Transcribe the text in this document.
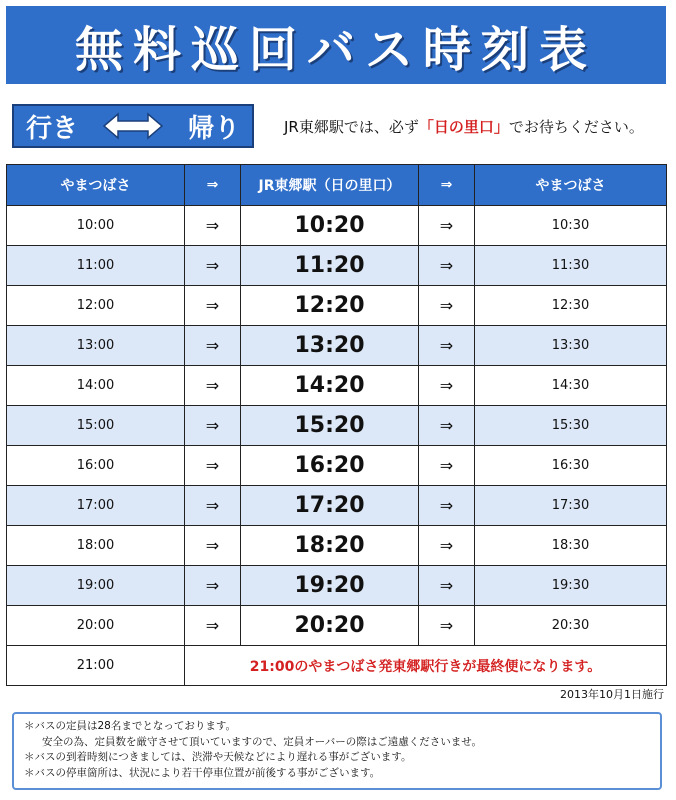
無料巡回バス時刻表
行き	帰り	JR東郷駅では、必ず「日の里口」でお待ちください。
やまつばさ	⇒	JR東郷駅（日の里口）	⇒	やまつばさ
10:00	⇒	10:20	⇒	10:30
11:00	⇒	11:20	⇒	11:30
12:00	⇒	12:20	⇒	12:30
13:00	⇒	13:20	⇒	13:30
14:00	⇒	14:20	⇒	14:30
15:00	⇒	15:20	⇒	15:30
16:00	⇒	16:20	⇒	16:30
17:00	⇒	17:20	⇒	17:30
18:00	⇒	18:20	⇒	18:30
19:00	⇒	19:20	⇒	19:30
20:00	⇒	20:20	⇒	20:30
21:00	21:00のやまつばさ発東郷駅行きが最終便になります。			
2013年10月1日施行

＊バスの定員は28名までとなっております。

安全の為、定員数を厳守させて頂いていますので、定員オーバーの際はご遠慮くださいませ。

＊バスの到着時刻につきましては、渋滞や天候などにより遅れる事がございます。

＊バスの停車箇所は、状況により若干停車位置が前後する事がございます。
